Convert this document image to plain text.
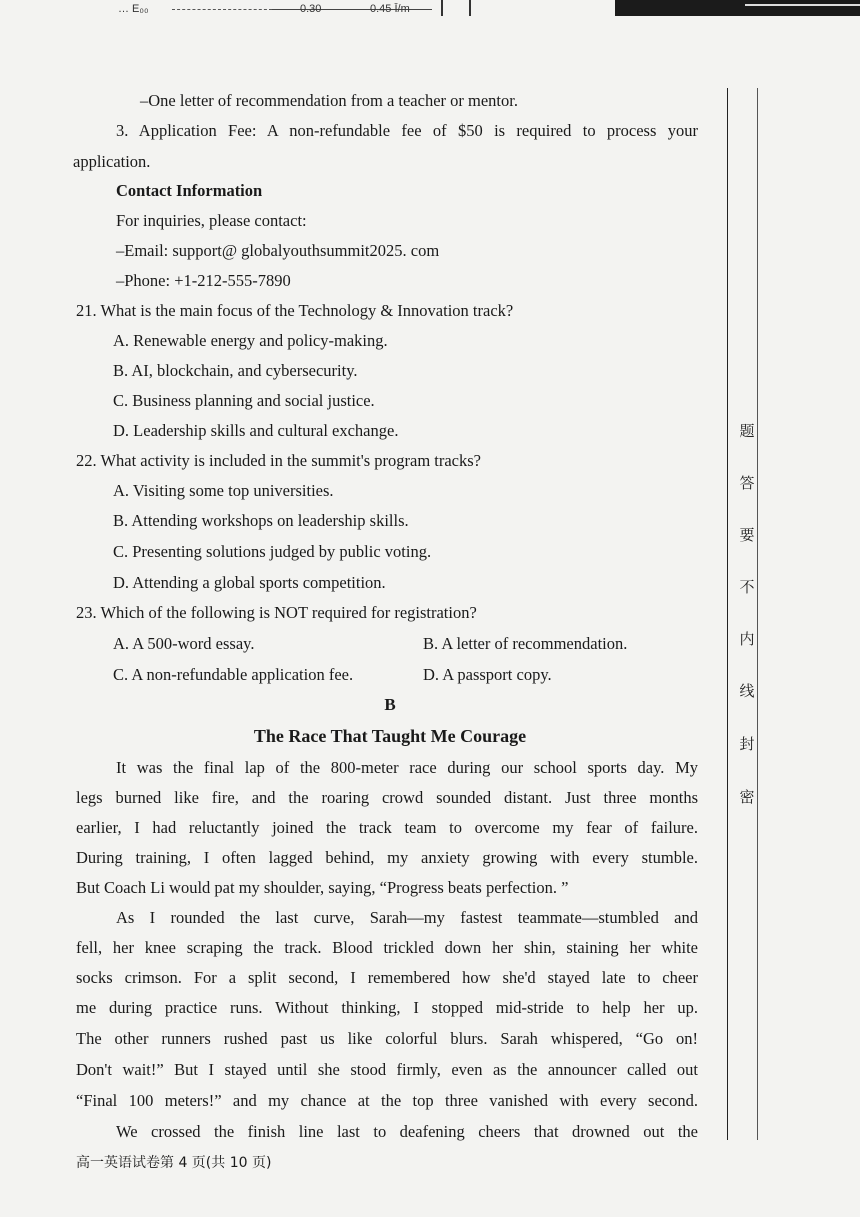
… E₀₀	0.30	0.45 Ī/m
–One letter of recommendation from a teacher or mentor.
3. Application Fee: A non-refundable fee of $50 is required to process your
application.
Contact Information
For inquiries, please contact:
–Email: support@ globalyouthsummit2025. com
–Phone: +1-212-555-7890
21. What is the main focus of the Technology & Innovation track?
A. Renewable energy and policy-making.
B. AI, blockchain, and cybersecurity.
C. Business planning and social justice.
D. Leadership skills and cultural exchange.
22. What activity is included in the summit's program tracks?
A. Visiting some top universities.
B. Attending workshops on leadership skills.
C. Presenting solutions judged by public voting.
D. Attending a global sports competition.
23. Which of the following is NOT required for registration?
A. A 500-word essay.	B. A letter of recommendation.
C. A non-refundable application fee.	D. A passport copy.
B
The Race That Taught Me Courage
It was the final lap of the 800-meter race during our school sports day. My
legs burned like fire, and the roaring crowd sounded distant. Just three months
earlier, I had reluctantly joined the track team to overcome my fear of failure.
During training, I often lagged behind, my anxiety growing with every stumble.
But Coach Li would pat my shoulder, saying, “Progress beats perfection. ”
As I rounded the last curve, Sarah—my fastest teammate—stumbled and
fell, her knee scraping the track. Blood trickled down her shin, staining her white
socks crimson. For a split second, I remembered how she'd stayed late to cheer
me during practice runs. Without thinking, I stopped mid-stride to help her up.
The other runners rushed past us like colorful blurs. Sarah whispered, “Go on!
Don't wait!” But I stayed until she stood firmly, even as the announcer called out
“Final 100 meters!” and my chance at the top three vanished with every second.
We crossed the finish line last to deafening cheers that drowned out the
高一英语试卷第 4 页(共 10 页)
题
答
要
不
内
线
封
密
